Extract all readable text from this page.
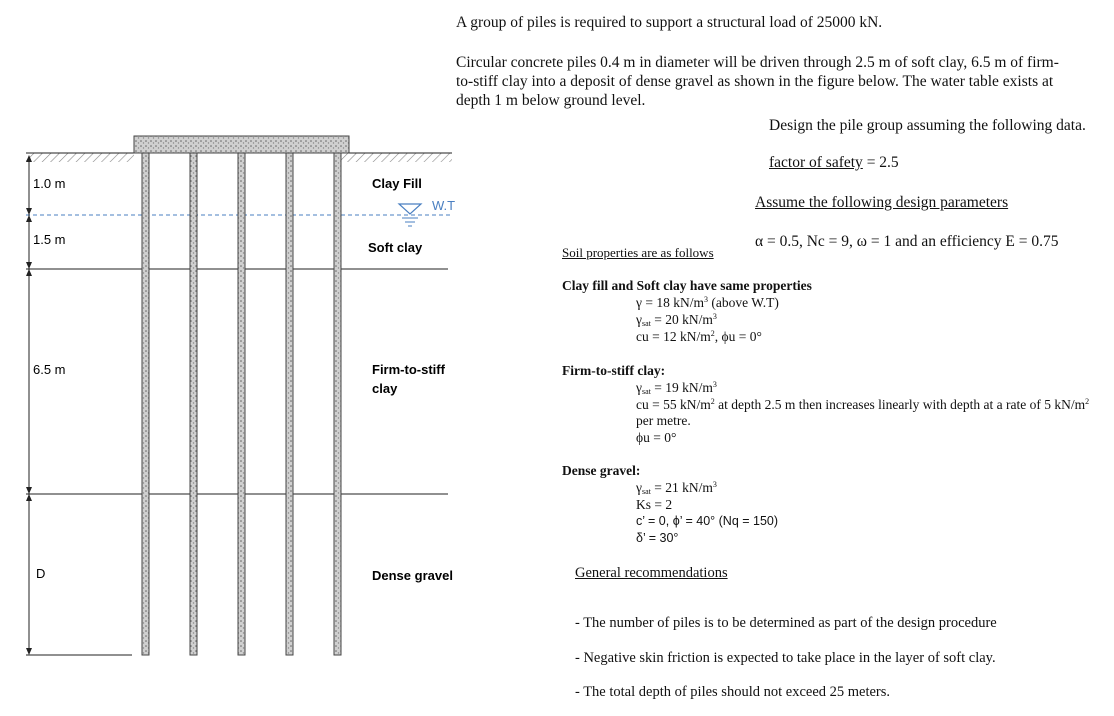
A group of piles is required to support a structural load of 25000 kN.
Circular concrete piles 0.4 m in diameter will be driven through 2.5 m of soft clay, 6.5 m of firm-
to-stiff clay into a deposit of dense gravel as shown in the figure below. The water table exists at
depth 1 m below ground level.
Design the pile group assuming the following data.
factor of safety = 2.5
Assume the following design parameters
α = 0.5, Nc = 9, ω = 1 and an efficiency E = 0.75
Soil properties are as follows
Clay fill and Soft clay have same properties
γ = 18 $kN/m^3$ (above W.T)
$\gamma_{sat} = 20$ $kN/m^3$
cu = 12 $kN/m^2$, ϕu = 0°
Firm-to-stiff clay:
$\gamma_{sat} = 19$ $kN/m^3$
cu = 55 $kN/m^2$ at depth 2.5 m then increases linearly with depth at a rate of 5 $kN/m^2$
per metre.
ϕu = 0°
Dense gravel:
$\gamma_{sat} = 21$ $kN/m^3$
Ks = 2
c’ = 0, ϕ’ = 40° (Nq = 150)
δ’ = 30°
General recommendations
- The number of piles is to be determined as part of the design procedure
- Negative skin friction is expected to take place in the layer of soft clay.
- The total depth of piles should not exceed 25 meters.
1.0 m
1.5 m
6.5 m
D
Clay Fill
Soft clay
Firm-to-stiff
clay
Dense gravel
W.T
